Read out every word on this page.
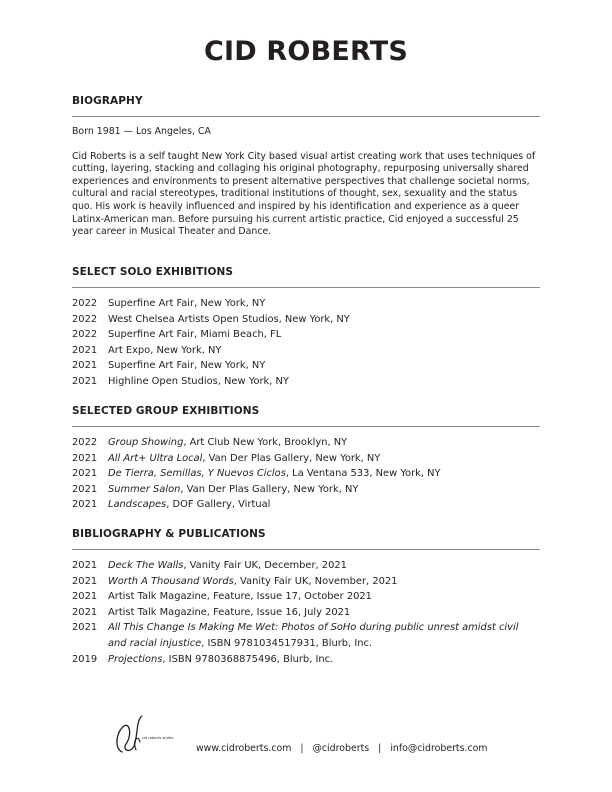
CID ROBERTS
BIOGRAPHY

Born 1981 — Los Angeles, CA

Cid Roberts is a self taught New York City based visual artist creating work that uses techniques of cutting, layering, stacking and collaging his original photography, repurposing universally shared experiences and environments to present alternative perspectives that challenge societal norms, cultural and racial stereotypes, traditional institutions of thought, sex, sexuality and the status quo. His work is heavily influenced and inspired by his identification and experience as a queer Latinx-American man. Before pursuing his current artistic practice, Cid enjoyed a successful 25 year career in Musical Theater and Dance.

SELECT SOLO EXHIBITIONS
2022	Superfine Art Fair, New York, NY
2022	West Chelsea Artists Open Studios, New York, NY
2022	Superfine Art Fair, Miami Beach, FL
2021	Art Expo, New York, NY
2021	Superfine Art Fair, New York, NY
2021	Highline Open Studios, New York, NY
SELECTED GROUP EXHIBITIONS
2022	Group Showing, Art Club New York, Brooklyn, NY
2021	All Art+ Ultra Local, Van Der Plas Gallery, New York, NY
2021	De Tierra, Semillas, Y Nuevos Ciclos, La Ventana 533, New York, NY
2021	Summer Salon, Van Der Plas Gallery, New York, NY
2021	Landscapes, DOF Gallery, Virtual
BIBLIOGRAPHY & PUBLICATIONS
2021	Deck The Walls, Vanity Fair UK, December, 2021
2021	Worth A Thousand Words, Vanity Fair UK, November, 2021
2021	Artist Talk Magazine, Feature, Issue 17, October 2021
2021	Artist Talk Magazine, Feature, Issue 16, July 2021
2021	All This Change Is Making Me Wet: Photos of SoHo during public unrest amidst civil and racial injustice, ISBN 9781034517931, Blurb, Inc.
2019	Projections, ISBN 9780368875496, Blurb, Inc.
cid roberts studio
www.cidroberts.com | @cidroberts | info@cidroberts.com
